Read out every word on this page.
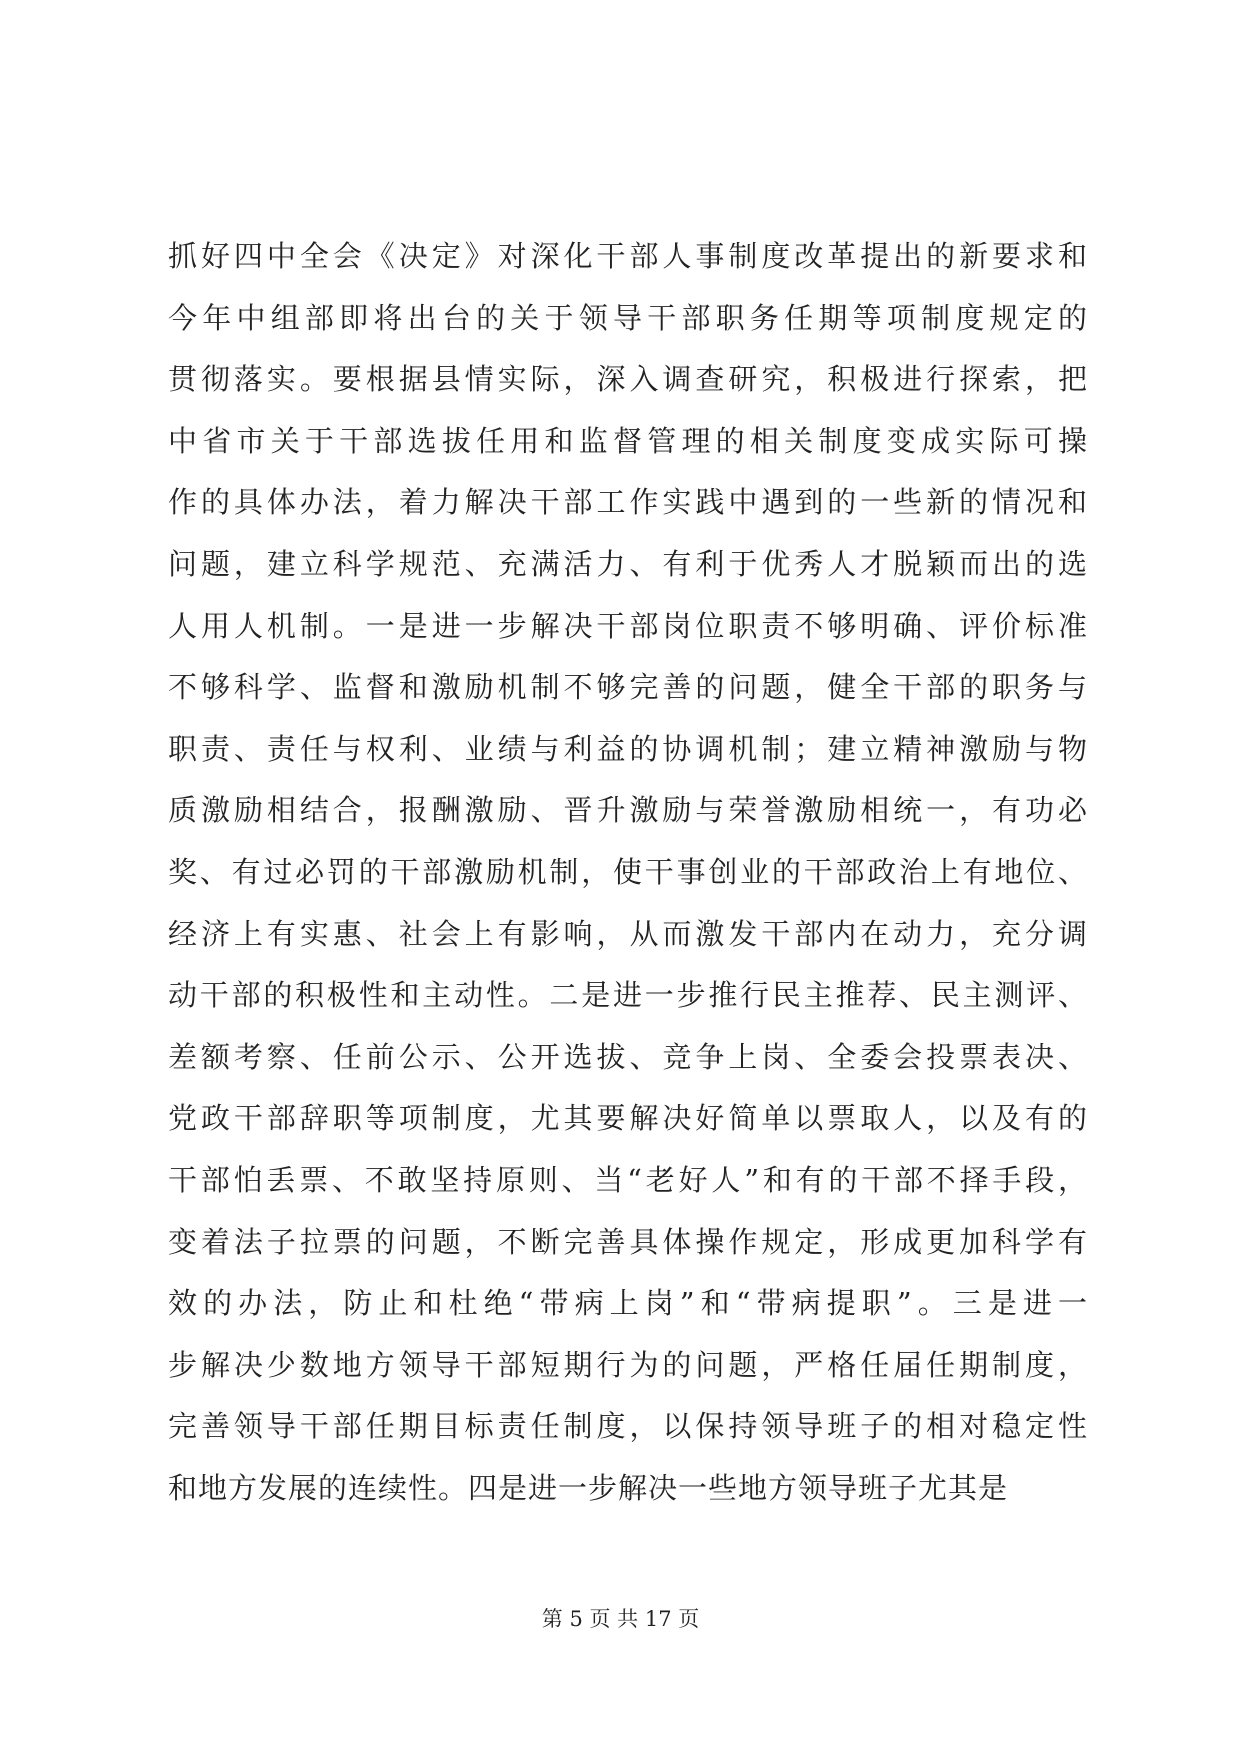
抓好四中全会《决定》对深化干部人事制度改革提出的新要求和
今年中组部即将出台的关于领导干部职务任期等项制度规定的
贯彻落实。要根据县情实际，深入调查研究，积极进行探索，把
中省市关于干部选拔任用和监督管理的相关制度变成实际可操
作的具体办法，着力解决干部工作实践中遇到的一些新的情况和
问题，建立科学规范、充满活力、有利于优秀人才脱颖而出的选
人用人机制。一是进一步解决干部岗位职责不够明确、评价标准
不够科学、监督和激励机制不够完善的问题，健全干部的职务与
职责、责任与权利、业绩与利益的协调机制；建立精神激励与物
质激励相结合，报酬激励、晋升激励与荣誉激励相统一，有功必
奖、有过必罚的干部激励机制，使干事创业的干部政治上有地位、
经济上有实惠、社会上有影响，从而激发干部内在动力，充分调
动干部的积极性和主动性。二是进一步推行民主推荐、民主测评、
差额考察、任前公示、公开选拔、竞争上岗、全委会投票表决、
党政干部辞职等项制度，尤其要解决好简单以票取人，以及有的
干部怕丢票、不敢坚持原则、当“老好人”和有的干部不择手段，
变着法子拉票的问题，不断完善具体操作规定，形成更加科学有
效的办法，防止和杜绝“带病上岗”和“带病提职”。三是进一
步解决少数地方领导干部短期行为的问题，严格任届任期制度，
完善领导干部任期目标责任制度，以保持领导班子的相对稳定性
和地方发展的连续性。四是进一步解决一些地方领导班子尤其是
第 5 页 共 17 页
